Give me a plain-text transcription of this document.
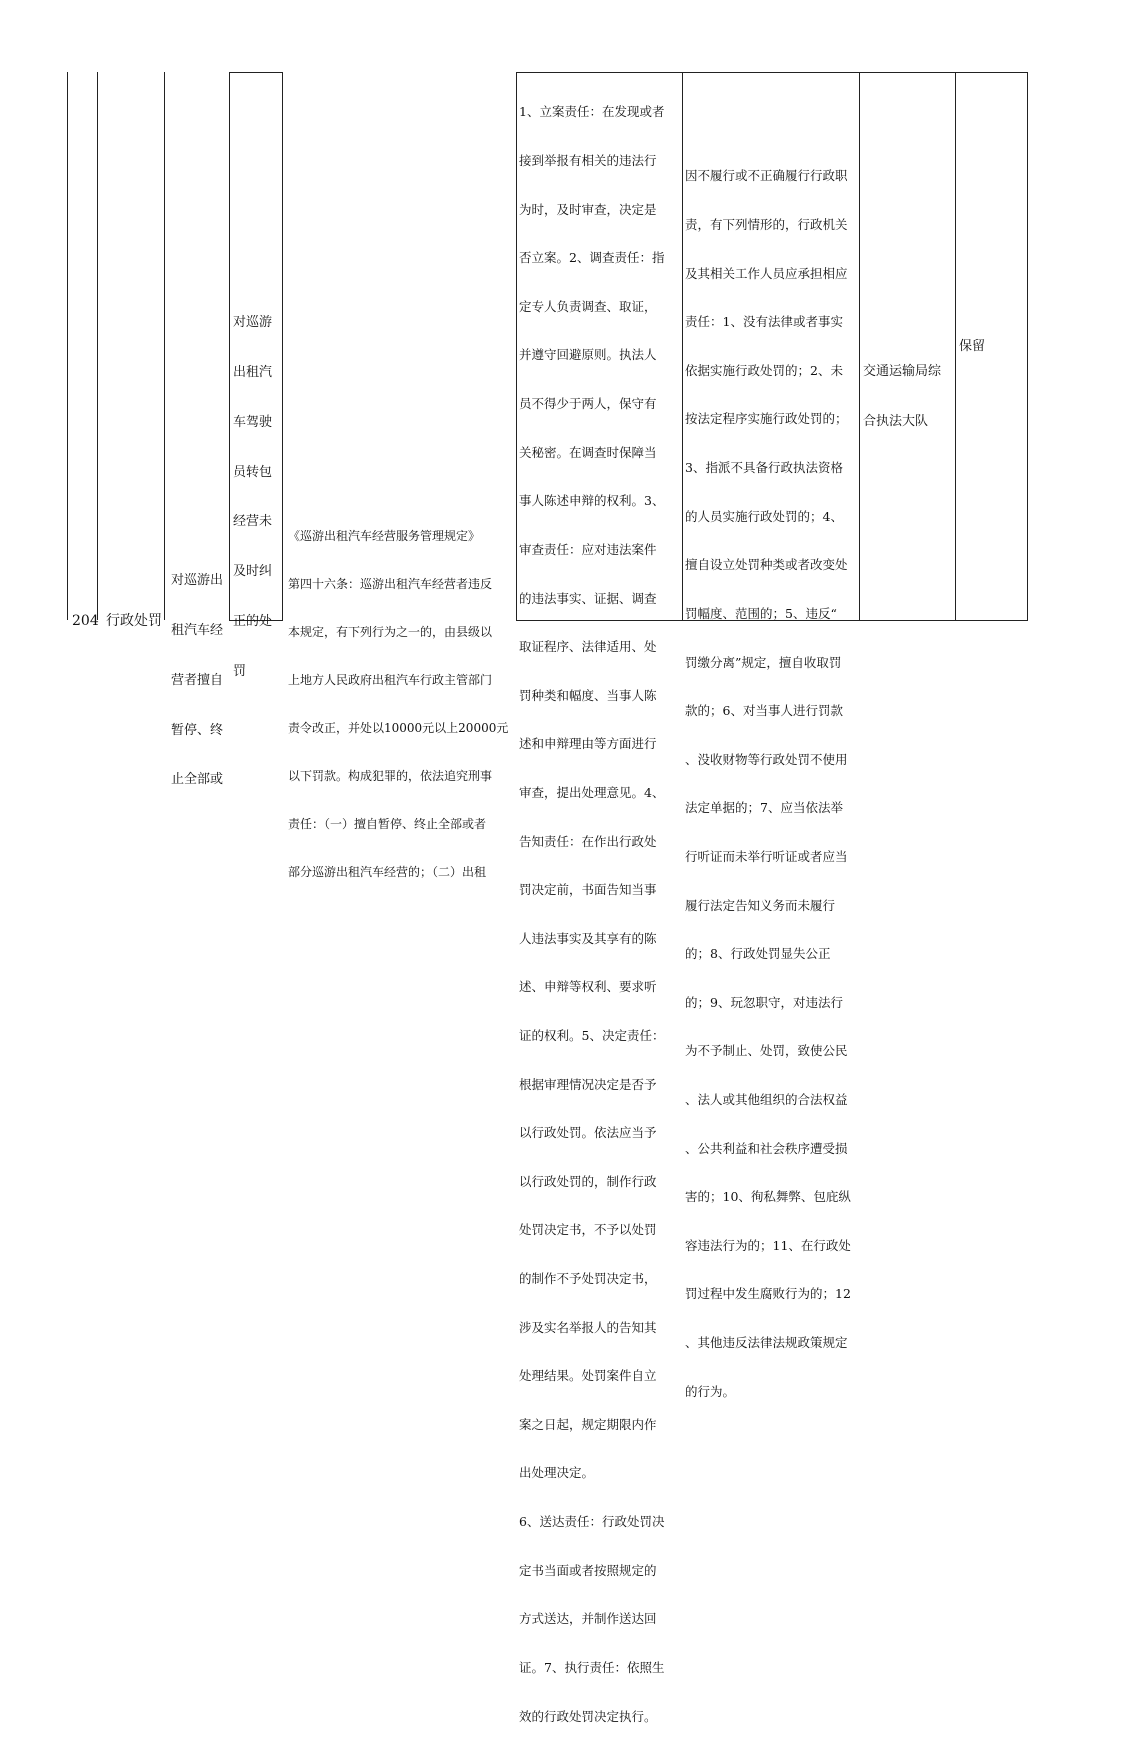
204 行政处罚

对巡游出

租汽车经

营者擅自

暂停、终

止全部或

对巡游

出租汽

车驾驶

员转包

经营未

及时纠

正的处

罚

《巡游出租汽车经营服务管理规定》

第四十六条：巡游出租汽车经营者违反

本规定，有下列行为之一的，由县级以

上地方人民政府出租汽车行政主管部门

责令改正，并处以10000元以上20000元

以下罚款。构成犯罪的，依法追究刑事

责任：（一）擅自暂停、终止全部或者

部分巡游出租汽车经营的；（二）出租

1、立案责任：在发现或者

接到举报有相关的违法行

为时，及时审查，决定是

否立案。2、调查责任：指

定专人负责调查、取证，

并遵守回避原则。执法人

员不得少于两人，保守有

关秘密。在调查时保障当

事人陈述申辩的权利。3、

审查责任：应对违法案件

的违法事实、证据、调查

取证程序、法律适用、处

罚种类和幅度、当事人陈

述和申辩理由等方面进行

审查，提出处理意见。4、

告知责任：在作出行政处

罚决定前，书面告知当事

人违法事实及其享有的陈

述、申辩等权利、要求听

证的权利。5、决定责任：

根据审理情况决定是否予

以行政处罚。依法应当予

以行政处罚的，制作行政

处罚决定书，不予以处罚

的制作不予处罚决定书，

涉及实名举报人的告知其

处理结果。处罚案件自立

案之日起，规定期限内作

出处理决定。

6、送达责任：行政处罚决

定书当面或者按照规定的

方式送达，并制作送达回

证。7、执行责任：依照生

效的行政处罚决定执行。

因不履行或不正确履行行政职

责，有下列情形的，行政机关

及其相关工作人员应承担相应

责任：1、没有法律或者事实

依据实施行政处罚的；2、未

按法定程序实施行政处罚的；

3、指派不具备行政执法资格

的人员实施行政处罚的；4、

擅自设立处罚种类或者改变处

罚幅度、范围的；5、违反“

罚缴分离”规定，擅自收取罚

款的；6、对当事人进行罚款

、没收财物等行政处罚不使用

法定单据的；7、应当依法举

行听证而未举行听证或者应当

履行法定告知义务而未履行

的；8、行政处罚显失公正

的；9、玩忽职守，对违法行

为不予制止、处罚，致使公民

、法人或其他组织的合法权益

、公共利益和社会秩序遭受损

害的；10、徇私舞弊、包庇纵

容违法行为的；11、在行政处

罚过程中发生腐败行为的；12

、其他违反法律法规政策规定

的行为。

交通运输局综

合执法大队

保留
